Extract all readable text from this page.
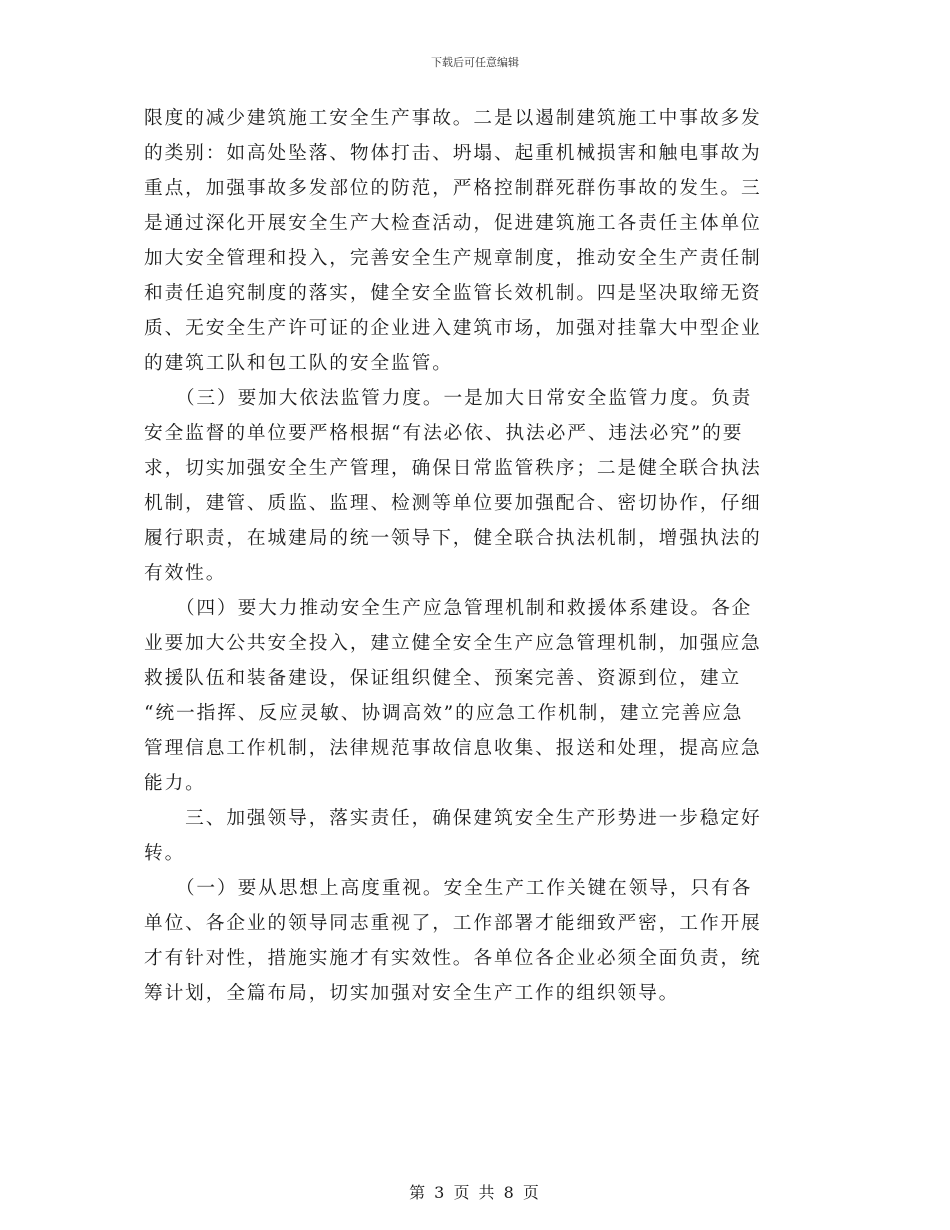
下载后可任意编辑
限度的减少建筑施工安全生产事故。二是以遏制建筑施工中事故多发
的类别：如高处坠落、物体打击、坍塌、起重机械损害和触电事故为
重点，加强事故多发部位的防范，严格控制群死群伤事故的发生。三
是通过深化开展安全生产大检查活动，促进建筑施工各责任主体单位
加大安全管理和投入，完善安全生产规章制度，推动安全生产责任制
和责任追究制度的落实，健全安全监管长效机制。四是坚决取缔无资
质、无安全生产许可证的企业进入建筑市场，加强对挂靠大中型企业
的建筑工队和包工队的安全监管。
　　（三）要加大依法监管力度。一是加大日常安全监管力度。负责
安全监督的单位要严格根据“有法必依、执法必严、违法必究”的要
求，切实加强安全生产管理，确保日常监管秩序；二是健全联合执法
机制，建管、质监、监理、检测等单位要加强配合、密切协作，仔细
履行职责，在城建局的统一领导下，健全联合执法机制，增强执法的
有效性。
　　（四）要大力推动安全生产应急管理机制和救援体系建设。各企
业要加大公共安全投入，建立健全安全生产应急管理机制，加强应急
救援队伍和装备建设，保证组织健全、预案完善、资源到位，建立
“统一指挥、反应灵敏、协调高效”的应急工作机制，建立完善应急
管理信息工作机制，法律规范事故信息收集、报送和处理，提高应急
能力。
　　三、加强领导，落实责任，确保建筑安全生产形势进一步稳定好
转。
　　（一）要从思想上高度重视。安全生产工作关键在领导，只有各
单位、各企业的领导同志重视了，工作部署才能细致严密，工作开展
才有针对性，措施实施才有实效性。各单位各企业必须全面负责，统
筹计划，全篇布局，切实加强对安全生产工作的组织领导。
第 3 页 共 8 页
